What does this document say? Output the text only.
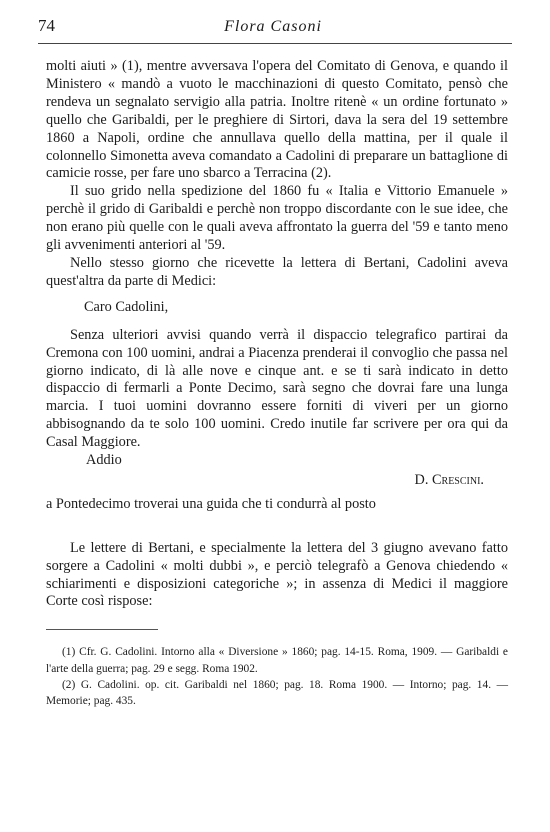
74	Flora Casoni

molti aiuti » (1), mentre avversava l'opera del Comitato di Genova, e quando il Ministero « mandò a vuoto le macchinazioni di questo Comitato, pensò che rendeva un segnalato servigio alla patria. Inoltre ritenè « un ordine fortunato » quello che Garibaldi, per le preghiere di Sirtori, dava la sera del 19 settembre 1860 a Napoli, ordine che annullava quello della mattina, per il quale il colonnello Simonetta aveva comandato a Cadolini di preparare un battaglione di camicie rosse, per fare uno sbarco a Terracina (2).

Il suo grido nella spedizione del 1860 fu « Italia e Vittorio Emanuele » perchè il grido di Garibaldi e perchè non troppo discordante con le sue idee, che non erano più quelle con le quali aveva affrontato la guerra del '59 e tanto meno gli avvenimenti anteriori al '59.

Nello stesso giorno che ricevette la lettera di Bertani, Cadolini aveva quest'altra da parte di Medici:

Caro Cadolini,

Senza ulteriori avvisi quando verrà il dispaccio telegrafico partirai da Cremona con 100 uomini, andrai a Piacenza prenderai il convoglio che passa nel giorno indicato, di là alle nove e cinque ant. e se ti sarà indicato in detto dispaccio di fermarli a Ponte Decimo, sarà segno che dovrai fare una lunga marcia. I tuoi uomini dovranno essere forniti di viveri per un giorno abbisognando da te solo 100 uomini. Credo inutile far scrivere per ora qui da Casal Maggiore.

Addio

D. Crescini.

a Pontedecimo troverai una guida che ti condurrà al posto

Le lettere di Bertani, e specialmente la lettera del 3 giugno avevano fatto sorgere a Cadolini « molti dubbi », e perciò telegrafò a Genova chiedendo « schiarimenti e disposizioni categoriche »; in assenza di Medici il maggiore Corte così rispose:

(1) Cfr. G. Cadolini. Intorno alla « Diversione » 1860; pag. 14-15. Roma, 1909. — Garibaldi e l'arte della guerra; pag. 29 e segg. Roma 1902.

(2) G. Cadolini. op. cit. Garibaldi nel 1860; pag. 18. Roma 1900. — Intorno; pag. 14. — Memorie; pag. 435.
